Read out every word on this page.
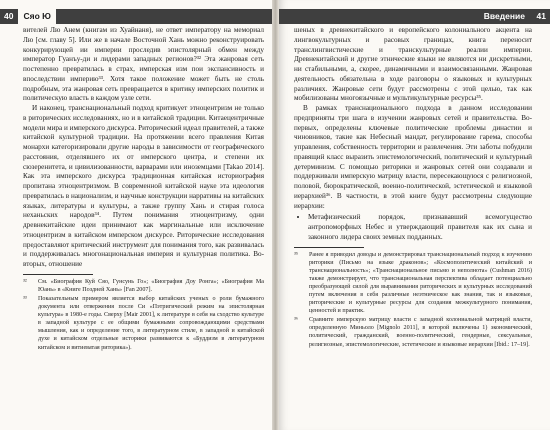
40 Cяо Ю

вителей Лю Анем (книгам из Хуайнаня), не ответ императору на мемориал Лю [см. главу 5]. Или же в начале Восточной Хань можно реконструировать конкурирующей ии империи проследив эпистолярный обмен между император Гуанъу-ди и лидерами западных регионов?³² Эта жанровая сеть постепенно превратилась в страх, имперская изм пои экспансивность и впоследствии империю³³. Хотя такое положение может быть не столь подробным, эта жанровая сеть превращается в критику имперских политик и политическую власть в каждом узле сети.

И наконец, транснациональный подход критикует этноцентризм не только в риторических исследованиях, но и в китайской традиции. Китаецентричные модели мира и имперского дискурса. Риторический идеал правителей, а также китайской культурной традиции. На протяжении всего правления Китая монархи категоризировали другие народы в зависимости от географического расстояния, отделявшего их от имперского центра, и степени их сюзеренитета, и цивилизованности, варварами или иноземцами [Takao 2014]. Как эта имперского дискурса традиционная китайская историография пропитана этноцентризмом. В современной китайской науке эта идеология превратилась в национализм, и научные конструкции нарративы на китайских языках, литературы и культуры, а также группу Хань и стирая голоса неханьских народов³⁴. Путем понимания этноцентризму, одни древнекитайские идеи принимают как маргинальные или исключение этноцентризм в китайском имперском дискурсе. Риторические исследования предоставляют критический инструмент для понимания того, как развивалась и поддерживалась многонациональная империя и культурная политика. Во-вторых, отношение

³²	См. «Биография Куй Сяо, Гунсунь Го»; «Биография Доу Ронга»; «Биография Ма Юань» в «Книге Поздней Хань» [Fan 2007].
³³	Показательным примером является выбор китайских ученых о роли бумажного документа или отвержения после Си «Пэтригический режим на эпистолярная культура» в 1980-е годы. Сверху [Mair 2001], к литературе в себя на сходство культуре в западной культуре с ее общими бумажными сопровождающими средствами мышления, как и определение того, в литературном стиле, в западной и китайской духе и китайском отдельные историки развиваются к «Буддизм в литературном китайском и витиеватая риторика»).
Введение	41

шеных в древнекитайского и европейского колониального акцента на лингвокультурных и расовых границах, книга переносит транслингвистические и транскультурные реалии империи. Древнекитайский и другие этнические языки не являются ни дискретными, ни стабильными, а, скорее, динамичными и взаимосвязанными. Жанровая деятельность обязательна в ходе разговоры о языковых и культурных различиях. Жанровые сети будут рассмотрены с этой целью, так как мобилизованы многоязычные и мультикультурные ресурсы³⁵.

В рамках транснационального подхода в данном исследовании предприняты три шага в изучении жанровых сетей и правительства. Во-первых, определены ключевые политические проблемы династии и чиновников, такие как Небесный мандат, регулирование гарема, способы управления, собственность территории и развлечения. Эти заботы побудили правящий класс выразить эпистемологический, политический и культурный детерминизм. С помощью риторики и жанровых сетей они создавали и поддерживали имперскую матрицу власти, пересекающуюся с религиозной, половой, бюрократической, военно-политической, эстетической и языковой иерархией³⁶. В частности, в этой книге будут рассмотрены следующие иерархии:

• Метафизический порядок, признававший всемогущество антропоморфных Небес и утверждающий правителя как их сына и законного лидера своих земных подданных.
³⁵	Ранее я приводил доводы и демонстрировал транснациональный подход к изучению риторики (Письмо на языке драконов»; «Космополитический китайский и транснациональность»; «Транснациональное письмо и неполнота» (Cushman 2016) также демонстрирует, что транснациональная перспектива обладает потенциально преобразующей силой для выравнивания риторических и культурных исследований путем включения в себя различные неэтническое как знания, так и языковые, риторические и культурные ресурсы для создания межкультурного понимания, ценностей и практик.
³⁶	Сравните имперскую матрицу власти с западной колониальной матрицей власти, определенную Миньоло [Mignolo 2011], в которой включены 1) экономический, политический, гражданский, военно-политический, гендерные, сексуальные, религиозные, эпистемологические, эстетические и языковые иерархии [Ibid.: 17–19].
